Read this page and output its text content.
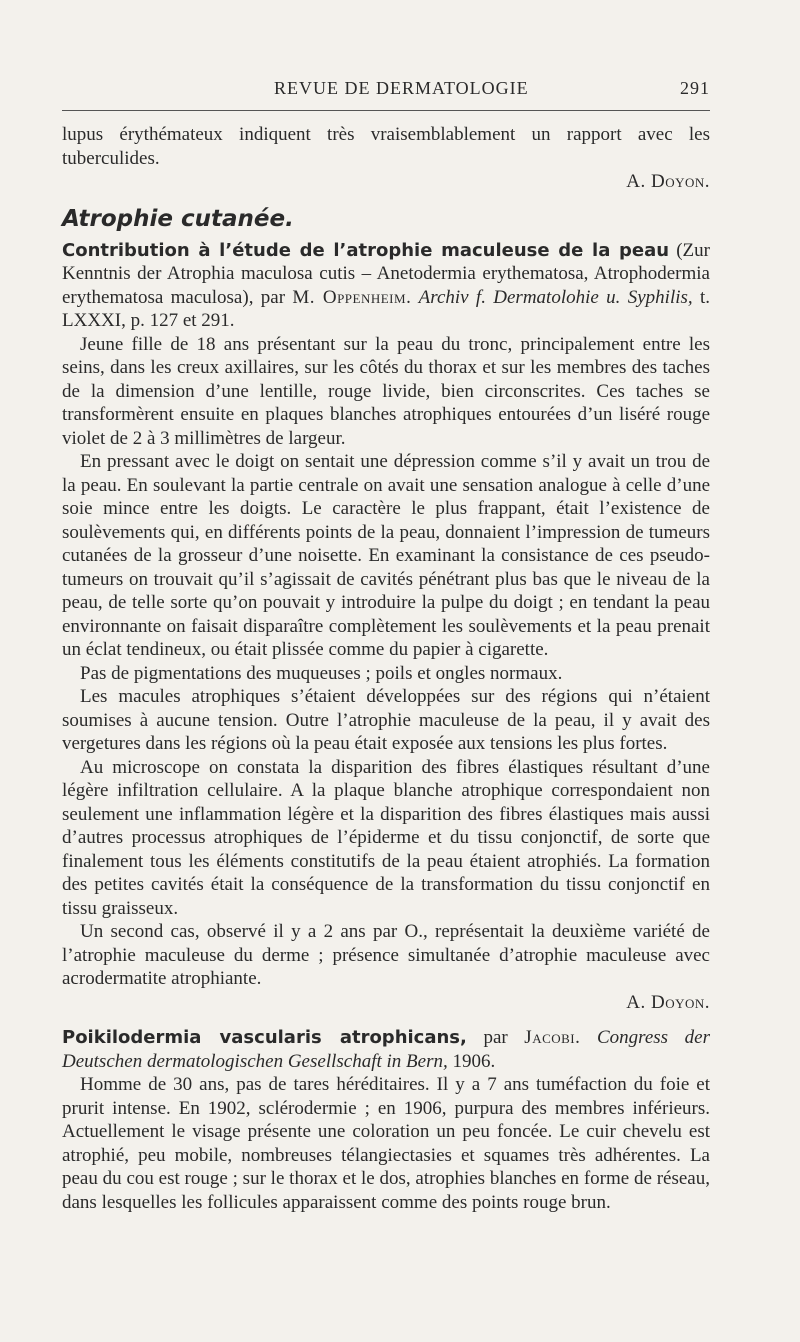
REVUE DE DERMATOLOGIE	291

lupus érythémateux indiquent très vraisemblablement un rapport avec les tuberculides.

A. Doyon.

Atrophie cutanée.

Contribution à l’étude de l’atrophie maculeuse de la peau (Zur Kenntnis der Atrophia maculosa cutis – Anetodermia erythematosa, Atrophodermia erythematosa maculosa), par M. Oppenheim. Archiv f. Dermatolohie u. Syphilis, t. LXXXI, p. 127 et 291.

Jeune fille de 18 ans présentant sur la peau du tronc, principalement entre les seins, dans les creux axillaires, sur les côtés du thorax et sur les membres des taches de la dimension d’une lentille, rouge livide, bien circonscrites. Ces taches se transformèrent ensuite en plaques blanches atrophiques entourées d’un liséré rouge violet de 2 à 3 millimètres de largeur.

En pressant avec le doigt on sentait une dépression comme s’il y avait un trou de la peau. En soulevant la partie centrale on avait une sensation analogue à celle d’une soie mince entre les doigts. Le caractère le plus frappant, était l’existence de soulèvements qui, en différents points de la peau, donnaient l’impression de tumeurs cutanées de la grosseur d’une noisette. En examinant la consistance de ces pseudo-tumeurs on trouvait qu’il s’agissait de cavités pénétrant plus bas que le niveau de la peau, de telle sorte qu’on pouvait y introduire la pulpe du doigt ; en tendant la peau environnante on faisait disparaître complètement les soulèvements et la peau prenait un éclat tendineux, ou était plissée comme du papier à cigarette.

Pas de pigmentations des muqueuses ; poils et ongles normaux.

Les macules atrophiques s’étaient développées sur des régions qui n’étaient soumises à aucune tension. Outre l’atrophie maculeuse de la peau, il y avait des vergetures dans les régions où la peau était exposée aux tensions les plus fortes.

Au microscope on constata la disparition des fibres élastiques résultant d’une légère infiltration cellulaire. A la plaque blanche atrophique correspondaient non seulement une inflammation légère et la disparition des fibres élastiques mais aussi d’autres processus atrophiques de l’épiderme et du tissu conjonctif, de sorte que finalement tous les éléments constitutifs de la peau étaient atrophiés. La formation des petites cavités était la conséquence de la transformation du tissu conjonctif en tissu graisseux.

Un second cas, observé il y a 2 ans par O., représentait la deuxième variété de l’atrophie maculeuse du derme ; présence simultanée d’atrophie maculeuse avec acrodermatite atrophiante.

A. Doyon.

Poikilodermia vascularis atrophicans, par Jacobi. Congress der Deutschen dermatologischen Gesellschaft in Bern, 1906.

Homme de 30 ans, pas de tares héréditaires. Il y a 7 ans tuméfaction du foie et prurit intense. En 1902, sclérodermie ; en 1906, purpura des membres inférieurs. Actuellement le visage présente une coloration un peu foncée. Le cuir chevelu est atrophié, peu mobile, nombreuses télangiectasies et squames très adhérentes. La peau du cou est rouge ; sur le thorax et le dos, atrophies blanches en forme de réseau, dans lesquelles les follicules apparaissent comme des points rouge brun.
